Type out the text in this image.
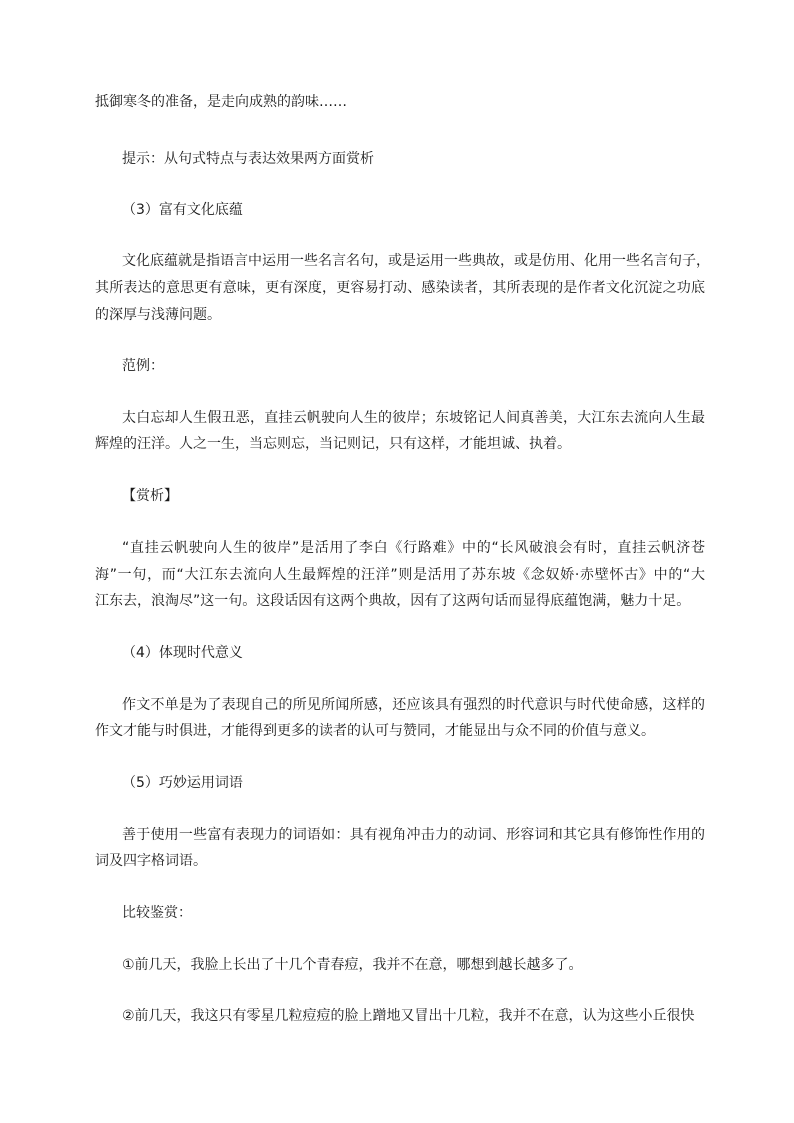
抵御寒冬的准备，是走向成熟的韵味……

提示：从句式特点与表达效果两方面赏析

（3）富有文化底蕴

文化底蕴就是指语言中运用一些名言名句，或是运用一些典故，或是仿用、化用一些名言句子，

其所表达的意思更有意味，更有深度，更容易打动、感染读者，其所表现的是作者文化沉淀之功底

的深厚与浅薄问题。

范例：

太白忘却人生假丑恶，直挂云帆驶向人生的彼岸；东坡铭记人间真善美，大江东去流向人生最

辉煌的汪洋。人之一生，当忘则忘，当记则记，只有这样，才能坦诚、执着。

【赏析】

“直挂云帆驶向人生的彼岸”是活用了李白《行路难》中的“长风破浪会有时，直挂云帆济苍

海”一句，而“大江东去流向人生最辉煌的汪洋”则是活用了苏东坡《念奴娇·赤壁怀古》中的“大

江东去，浪淘尽”这一句。这段话因有这两个典故，因有了这两句话而显得底蕴饱满，魅力十足。

（4）体现时代意义

作文不单是为了表现自己的所见所闻所感，还应该具有强烈的时代意识与时代使命感，这样的

作文才能与时俱进，才能得到更多的读者的认可与赞同，才能显出与众不同的价值与意义。

（5）巧妙运用词语

善于使用一些富有表现力的词语如：具有视角冲击力的动词、形容词和其它具有修饰性作用的

词及四字格词语。

比较鉴赏：

①前几天，我脸上长出了十几个青春痘，我并不在意，哪想到越长越多了。

②前几天，我这只有零星几粒痘痘的脸上蹭地又冒出十几粒，我并不在意，认为这些小丘很快
